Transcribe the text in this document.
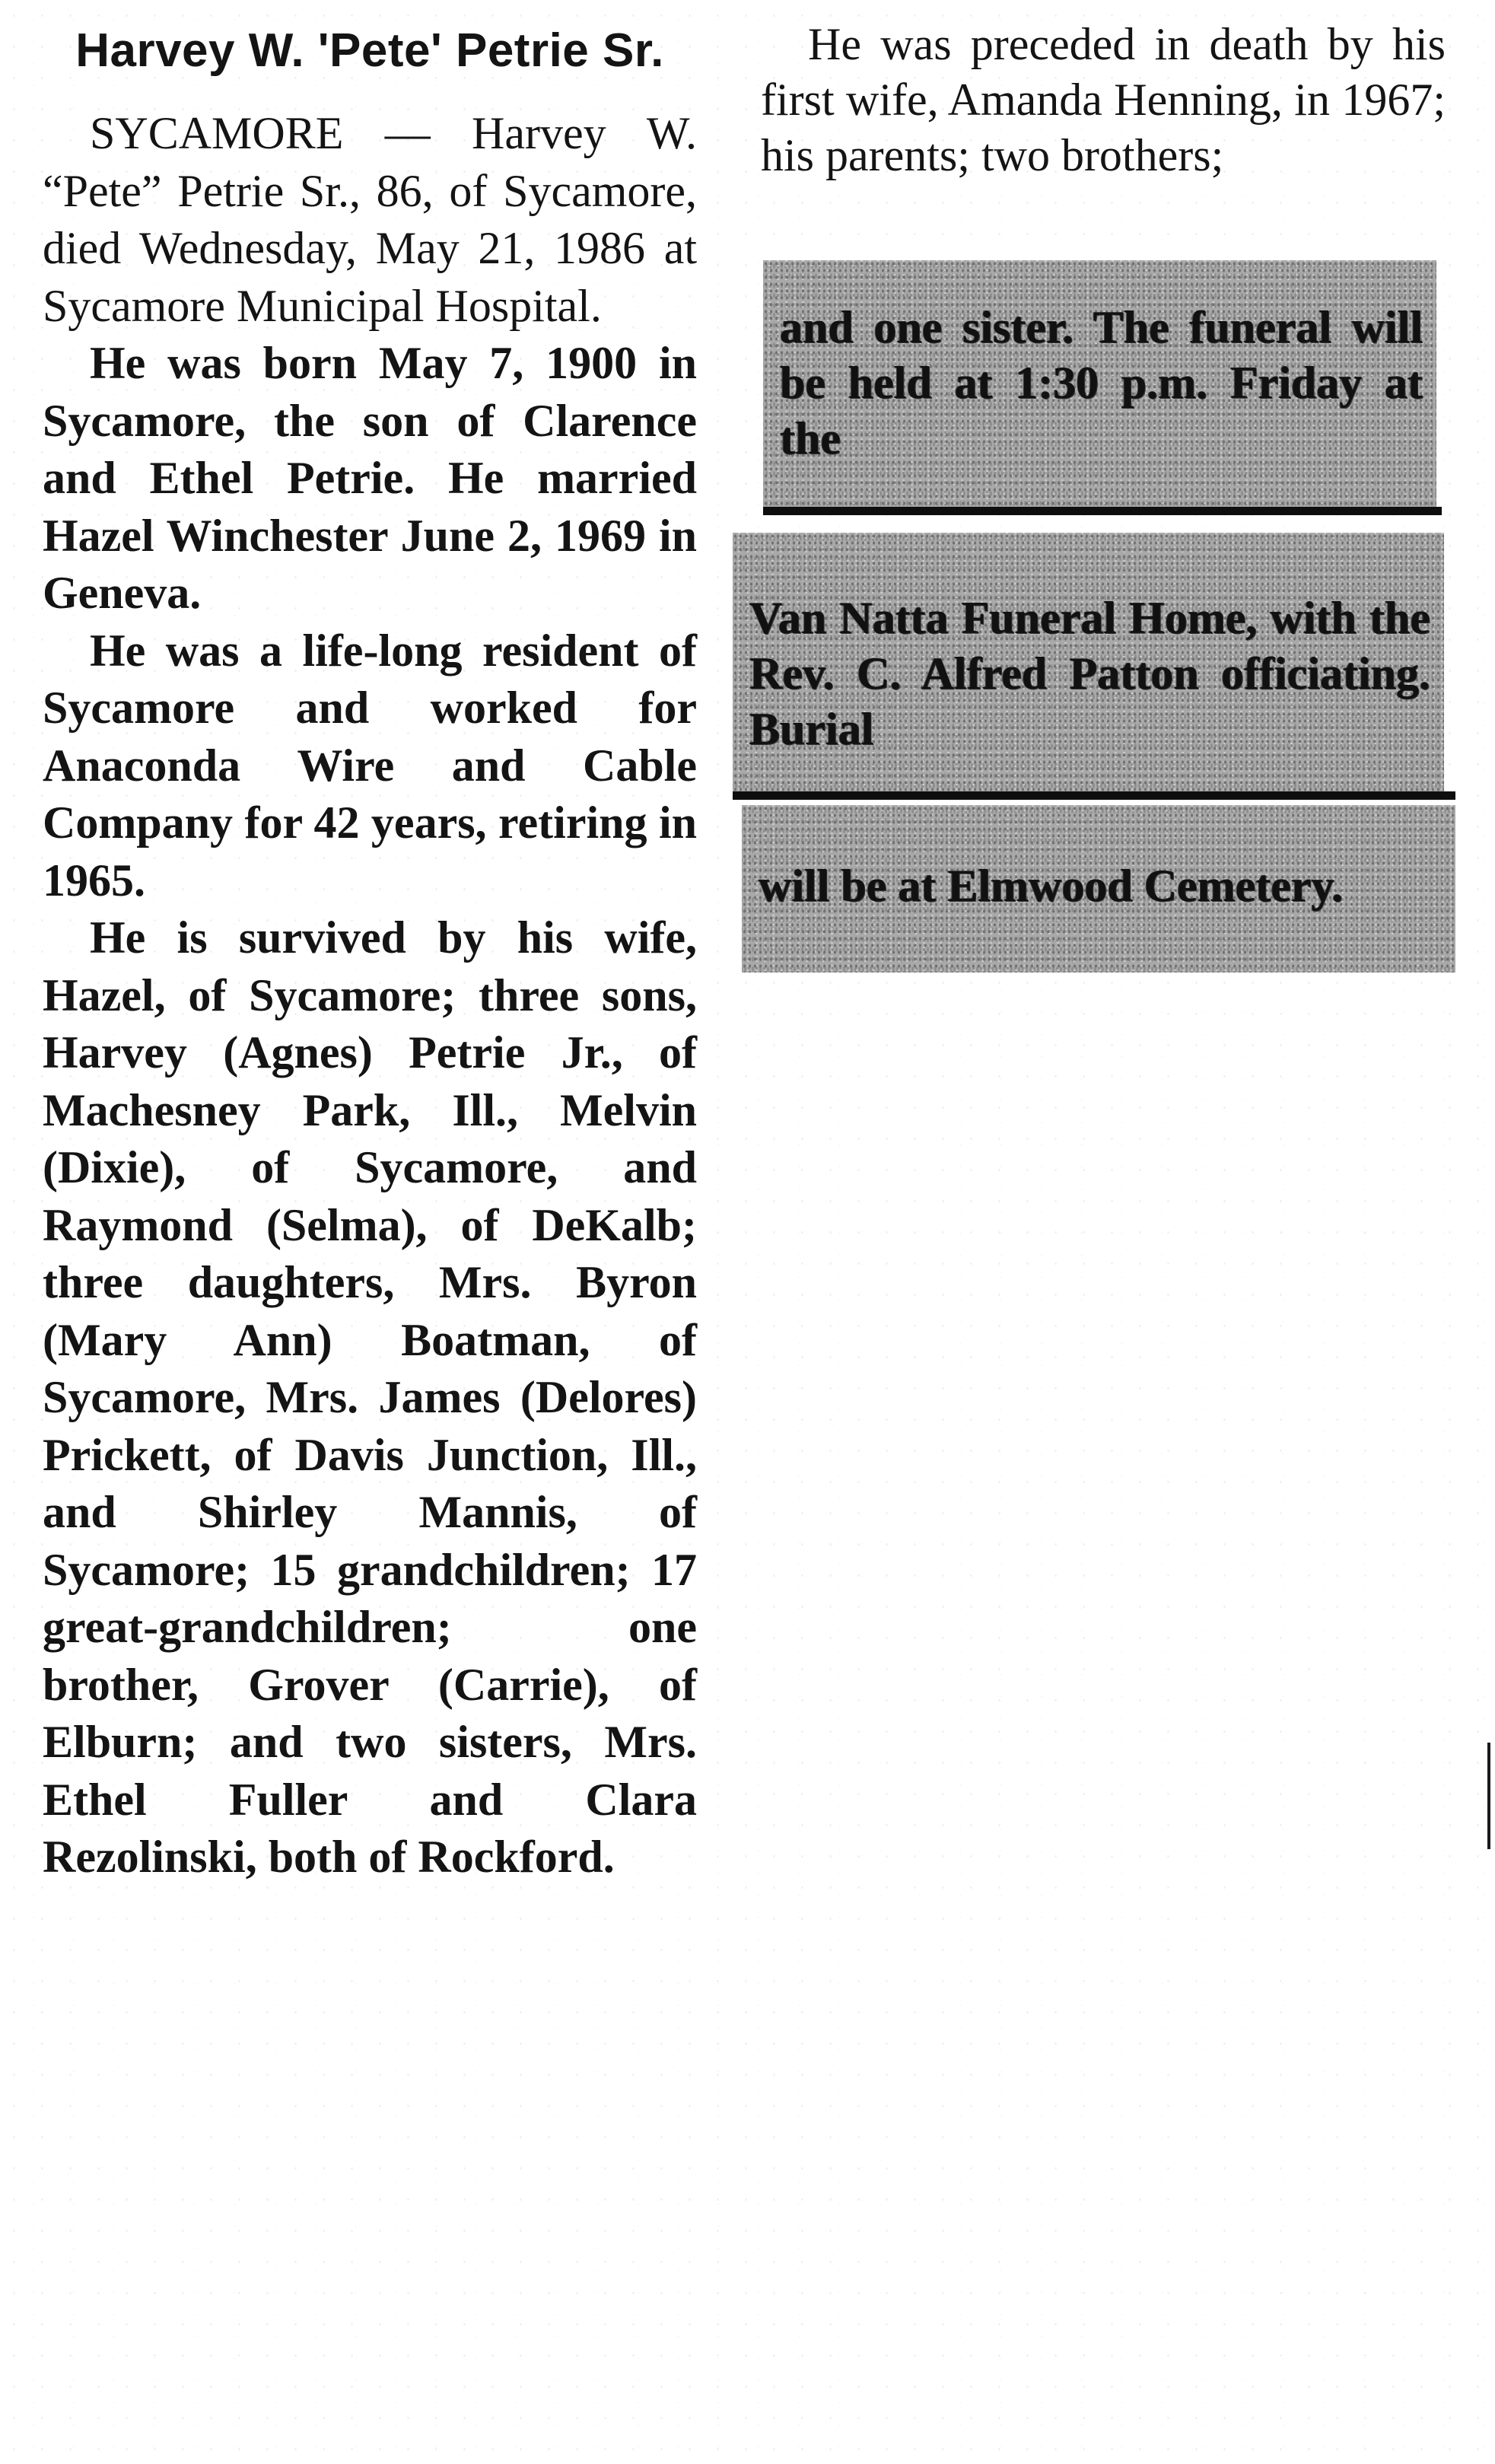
Harvey W. 'Pete' Petrie Sr.

SYCAMORE — Harvey W. “Pete” Petrie Sr., 86, of Sycamore, died Wednesday, May 21, 1986 at Sycamore Municipal Hospital.

He was born May 7, 1900 in Sycamore, the son of Clarence and Ethel Petrie. He married Hazel Winchester June 2, 1969 in Geneva.

He was a life-long resident of Sycamore and worked for Anaconda Wire and Cable Company for 42 years, retiring in 1965.

He is survived by his wife, Hazel, of Sycamore; three sons, Harvey (Agnes) Petrie Jr., of Machesney Park, Ill., Melvin (Dixie), of Sycamore, and Raymond (Selma), of DeKalb; three daughters, Mrs. Byron (Mary Ann) Boatman, of Sycamore, Mrs. James (Delores) Prickett, of Davis Junction, Ill., and Shirley Mannis, of Sycamore; 15 grandchildren; 17 great-grandchildren; one brother, Grover (Carrie), of Elburn; and two sisters, Mrs. Ethel Fuller and Clara Rezolinski, both of Rockford.

He was preceded in death by his first wife, Amanda Henning, in 1967; his parents; two brothers;

and one sister. The funeral will be held at 1:30 p.m. Friday at the
Van Natta Funeral Home, with the Rev. C. Alfred Patton officiating. Burial
will be at Elmwood Cemetery.
